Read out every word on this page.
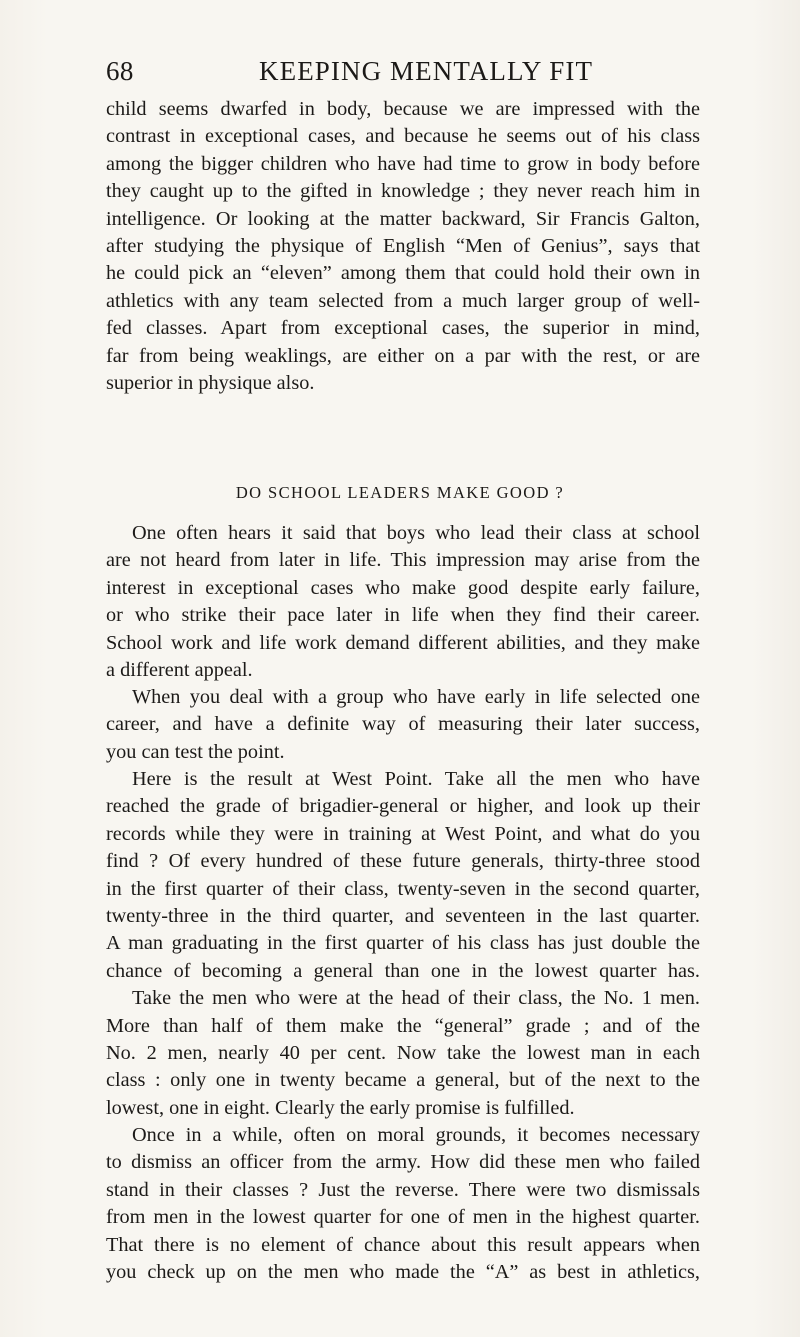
68	KEEPING MENTALLY FIT
child seems dwarfed in body, because we are impressed with the
contrast in exceptional cases, and because he seems out of his class
among the bigger children who have had time to grow in body before
they caught up to the gifted in knowledge ; they never reach him in
intelligence. Or looking at the matter backward, Sir Francis Galton,
after studying the physique of English “Men of Genius”, says that
he could pick an “eleven” among them that could hold their own in
athletics with any team selected from a much larger group of well-
fed classes. Apart from exceptional cases, the superior in mind,
far from being weaklings, are either on a par with the rest, or are
superior in physique also.
DO SCHOOL LEADERS MAKE GOOD ?
One often hears it said that boys who lead their class at school
are not heard from later in life. This impression may arise from the
interest in exceptional cases who make good despite early failure,
or who strike their pace later in life when they find their career.
School work and life work demand different abilities, and they make
a different appeal.
When you deal with a group who have early in life selected one
career, and have a definite way of measuring their later success,
you can test the point.
Here is the result at West Point. Take all the men who have
reached the grade of brigadier-general or higher, and look up their
records while they were in training at West Point, and what do you
find ? Of every hundred of these future generals, thirty-three stood
in the first quarter of their class, twenty-seven in the second quarter,
twenty-three in the third quarter, and seventeen in the last quarter.
A man graduating in the first quarter of his class has just double the
chance of becoming a general than one in the lowest quarter has.
Take the men who were at the head of their class, the No. 1 men.
More than half of them make the “general” grade ; and of the
No. 2 men, nearly 40 per cent. Now take the lowest man in each
class : only one in twenty became a general, but of the next to the
lowest, one in eight. Clearly the early promise is fulfilled.
Once in a while, often on moral grounds, it becomes necessary
to dismiss an officer from the army. How did these men who failed
stand in their classes ? Just the reverse. There were two dismissals
from men in the lowest quarter for one of men in the highest quarter.
That there is no element of chance about this result appears when
you check up on the men who made the “A” as best in athletics,
